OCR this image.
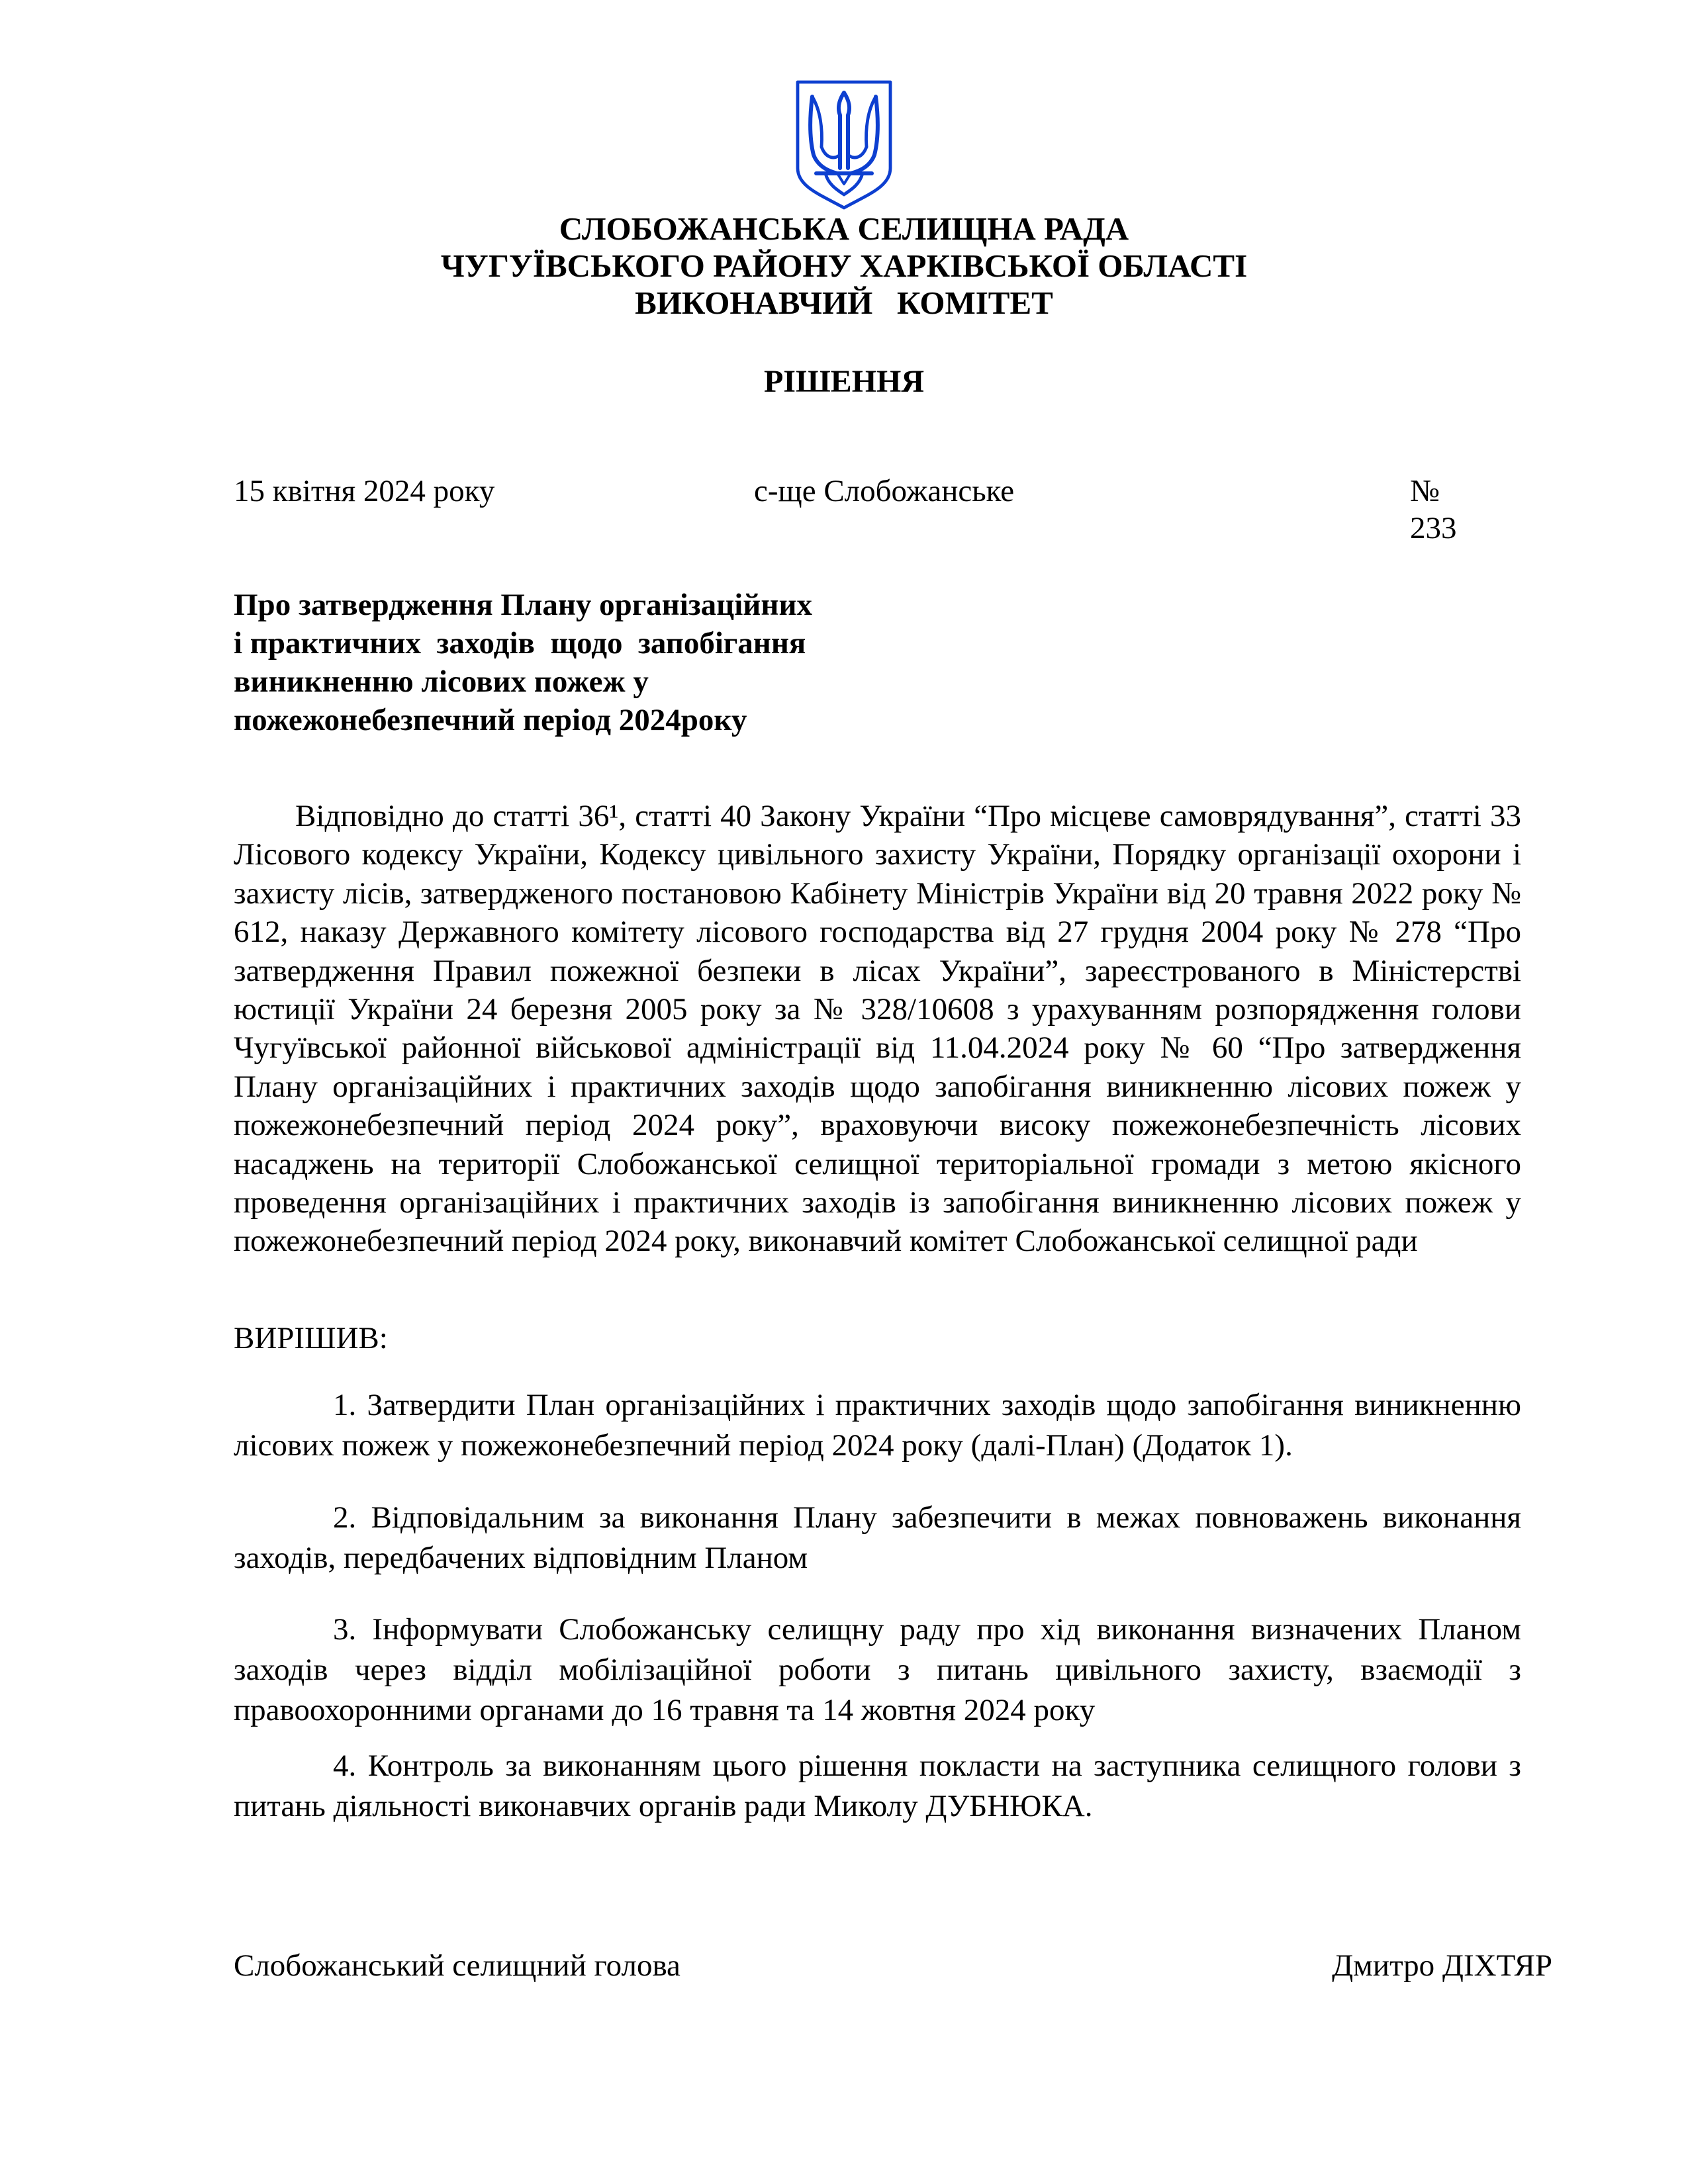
СЛОБОЖАНСЬКА СЕЛИЩНА РАДА
ЧУГУЇВСЬКОГО РАЙОНУ ХАРКІВСЬКОЇ ОБЛАСТІ
ВИКОНАВЧИЙ   КОМІТЕТ
РІШЕННЯ
15 квітня 2024 року	с-ще Слобожанське	№ 233
Про затвердження Плану організаційних
і практичних  заходів  щодо  запобігання
виникненню лісових пожеж у
пожежонебезпечний період 2024року

Відповідно до статті 36¹, статті 40 Закону України “Про місцеве самоврядування”, статті 33 Лісового кодексу України, Кодексу цивільного захисту України, Порядку організації охорони і захисту лісів, затвердженого постановою Кабінету Міністрів України від 20 травня 2022 року № 612, наказу Державного комітету лісового господарства від 27 грудня 2004 року № 278 “Про затвердження Правил пожежної безпеки в лісах України”, зареєстрованого в Міністерстві юстиції України 24 березня 2005 року за № 328/10608 з урахуванням розпорядження голови Чугуївської районної військової адміністрації від 11.04.2024 року № 60 “Про затвердження Плану організаційних і практичних заходів щодо запобігання виникненню лісових пожеж у пожежонебезпечний період 2024 року”, враховуючи високу пожежонебезпечність лісових насаджень на території Слобожанської селищної територіальної громади з метою якісного проведення організаційних і практичних заходів із запобігання виникненню лісових пожеж у пожежонебезпечний період 2024 року, виконавчий комітет Слобожанської селищної ради

ВИРІШИВ:

1. Затвердити План організаційних і практичних заходів щодо запобігання виникненню лісових пожеж у пожежонебезпечний період 2024 року (далі-План) (Додаток 1).

2. Відповідальним за виконання Плану забезпечити в межах повноважень виконання заходів, передбачених відповідним Планом

3. Інформувати Слобожанську селищну раду про хід виконання визначених Планом заходів через відділ мобілізаційної роботи з питань цивільного захисту, взаємодії з правоохоронними органами до 16 травня та 14 жовтня 2024 року

4. Контроль за виконанням цього рішення покласти на заступника селищного голови з питань діяльності виконавчих органів ради Миколу ДУБНЮКА.

Слобожанський селищний голова	Дмитро ДІХТЯР
